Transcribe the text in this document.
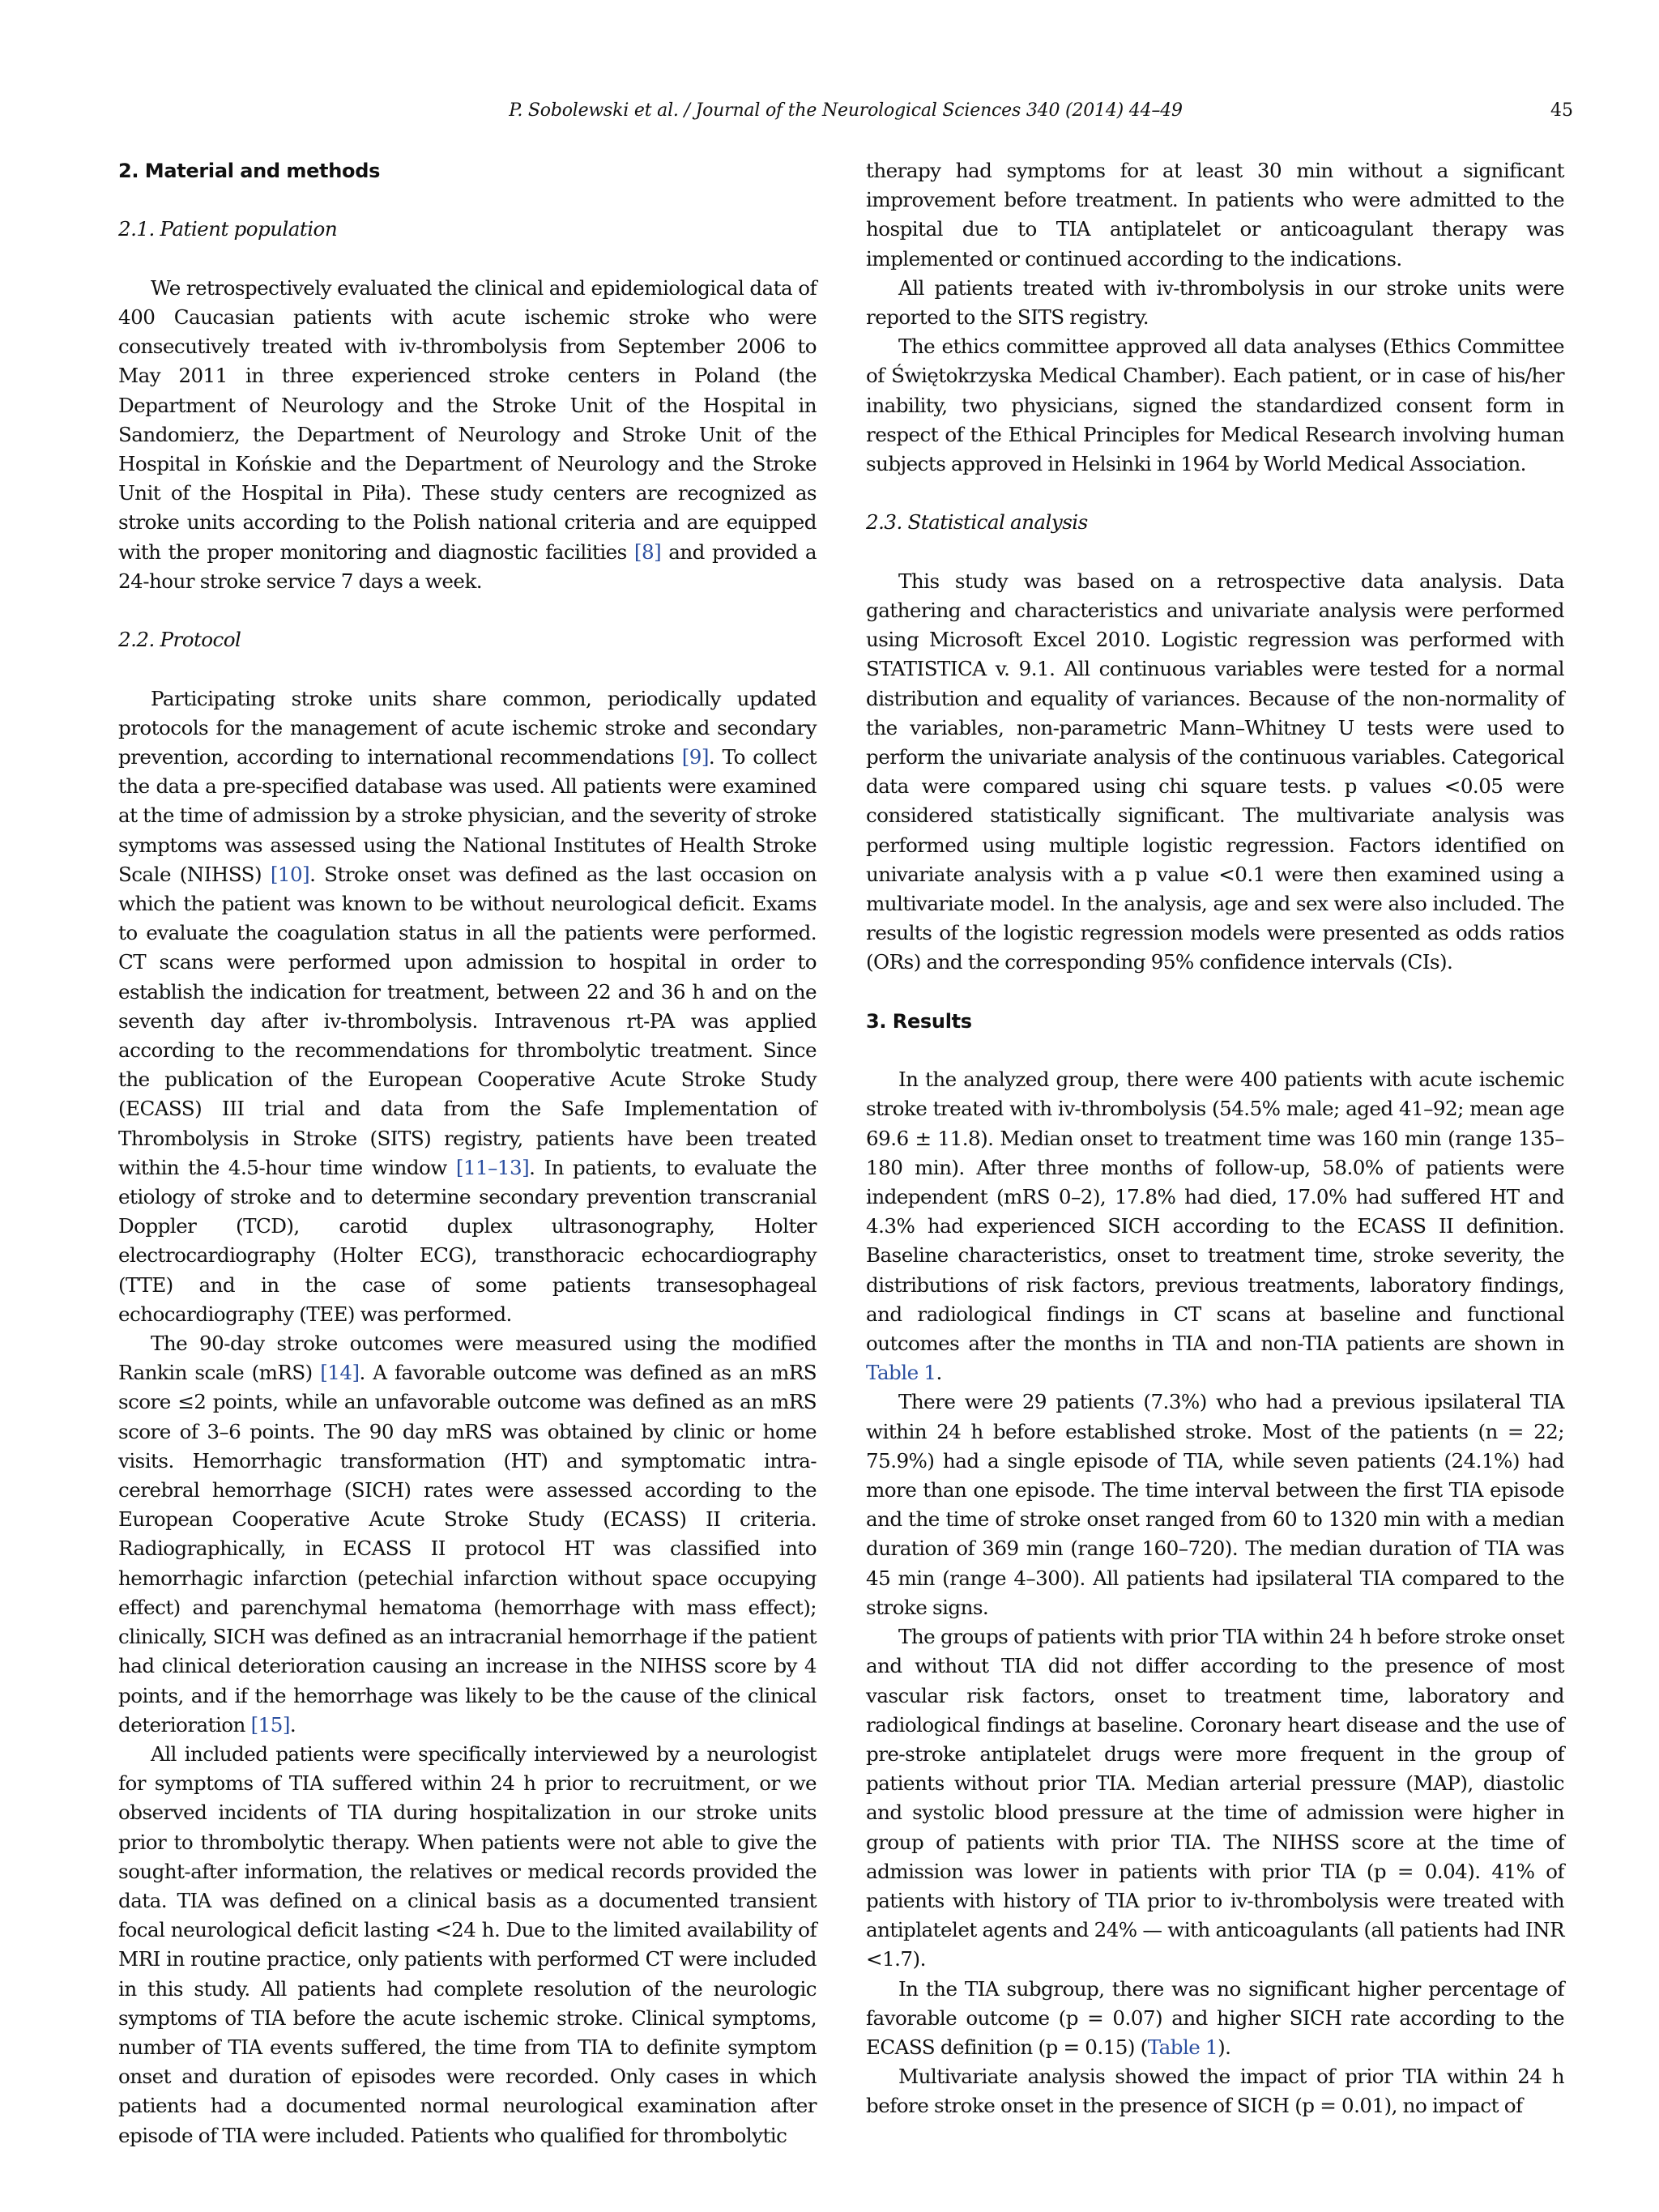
P. Sobolewski et al. / Journal of the Neurological Sciences 340 (2014) 44–49	45
2. Material and methods
2.1. Patient population

We retrospectively evaluated the clinical and epidemiological data of 400 Caucasian patients with acute ischemic stroke who were consecutively treated with iv-thrombolysis from September 2006 to May 2011 in three experienced stroke centers in Poland (the Department of Neurology and the Stroke Unit of the Hospital in Sandomierz, the Department of Neurology and Stroke Unit of the Hospital in Końskie and the Department of Neurology and the Stroke Unit of the Hospital in Piła). These study centers are recognized as stroke units according to the Polish national criteria and are equipped with the proper monitoring and diagnostic facilities [8] and provided a 24-hour stroke service 7 days a week.

2.2. Protocol

Participating stroke units share common, periodically updated protocols for the management of acute ischemic stroke and secondary prevention, according to international recommendations [9]. To collect the data a pre-specified database was used. All patients were examined at the time of admission by a stroke physician, and the severity of stroke symptoms was assessed using the National Institutes of Health Stroke Scale (NIHSS) [10]. Stroke onset was defined as the last occasion on which the patient was known to be without neurological deficit. Exams to evaluate the coagulation status in all the patients were performed. CT scans were performed upon admission to hospital in order to establish the indication for treatment, between 22 and 36 h and on the seventh day after iv-thrombolysis. Intravenous rt-PA was applied according to the recommendations for thrombolytic treatment. Since the publication of the European Cooperative Acute Stroke Study (ECASS) III trial and data from the Safe Implementation of Thrombolysis in Stroke (SITS) registry, patients have been treated within the 4.5-hour time window [11–13]. In patients, to evaluate the etiology of stroke and to determine secondary prevention transcranial Doppler (TCD), carotid duplex ultrasonography, Holter electrocardiography (Holter ECG), transthoracic echocardiography (TTE) and in the case of some patients transesophageal echocardiography (TEE) was performed.

The 90-day stroke outcomes were measured using the modified Rankin scale (mRS) [14]. A favorable outcome was defined as an mRS score ≤2 points, while an unfavorable outcome was defined as an mRS score of 3–6 points. The 90 day mRS was obtained by clinic or home visits. Hemorrhagic transformation (HT) and symptomatic intra-cerebral hemorrhage (SICH) rates were assessed according to the European Cooperative Acute Stroke Study (ECASS) II criteria. Radiographically, in ECASS II protocol HT was classified into hemorrhagic infarction (petechial infarction without space occupying effect) and parenchymal hematoma (hemorrhage with mass effect); clinically, SICH was defined as an intracranial hemorrhage if the patient had clinical deterioration causing an increase in the NIHSS score by 4 points, and if the hemorrhage was likely to be the cause of the clinical deterioration [15].

All included patients were specifically interviewed by a neurologist for symptoms of TIA suffered within 24 h prior to recruitment, or we observed incidents of TIA during hospitalization in our stroke units prior to thrombolytic therapy. When patients were not able to give the sought-after information, the relatives or medical records provided the data. TIA was defined on a clinical basis as a documented transient focal neurological deficit lasting <24 h. Due to the limited availability of MRI in routine practice, only patients with performed CT were included in this study. All patients had complete resolution of the neurologic symptoms of TIA before the acute ischemic stroke. Clinical symptoms, number of TIA events suffered, the time from TIA to definite symptom onset and duration of episodes were recorded. Only cases in which patients had a documented normal neurological examination after episode of TIA were included. Patients who qualified for thrombolytic

therapy had symptoms for at least 30 min without a significant improvement before treatment. In patients who were admitted to the hospital due to TIA antiplatelet or anticoagulant therapy was implemented or continued according to the indications.

All patients treated with iv-thrombolysis in our stroke units were reported to the SITS registry.

The ethics committee approved all data analyses (Ethics Committee of Świętokrzyska Medical Chamber). Each patient, or in case of his/her inability, two physicians, signed the standardized consent form in respect of the Ethical Principles for Medical Research involving human subjects approved in Helsinki in 1964 by World Medical Association.

2.3. Statistical analysis

This study was based on a retrospective data analysis. Data gathering and characteristics and univariate analysis were performed using Microsoft Excel 2010. Logistic regression was performed with STATISTICA v. 9.1. All continuous variables were tested for a normal distribution and equality of variances. Because of the non-normality of the variables, non-parametric Mann–Whitney U tests were used to perform the univariate analysis of the continuous variables. Categorical data were compared using chi square tests. p values <0.05 were considered statistically significant. The multivariate analysis was performed using multiple logistic regression. Factors identified on univariate analysis with a p value <0.1 were then examined using a multivariate model. In the analysis, age and sex were also included. The results of the logistic regression models were presented as odds ratios (ORs) and the corresponding 95% confidence intervals (CIs).

3. Results

In the analyzed group, there were 400 patients with acute ischemic stroke treated with iv-thrombolysis (54.5% male; aged 41–92; mean age 69.6 ± 11.8). Median onset to treatment time was 160 min (range 135–180 min). After three months of follow-up, 58.0% of patients were independent (mRS 0–2), 17.8% had died, 17.0% had suffered HT and 4.3% had experienced SICH according to the ECASS II definition. Baseline characteristics, onset to treatment time, stroke severity, the distributions of risk factors, previous treatments, laboratory findings, and radiological findings in CT scans at baseline and functional outcomes after the months in TIA and non-TIA patients are shown in Table 1.

There were 29 patients (7.3%) who had a previous ipsilateral TIA within 24 h before established stroke. Most of the patients (n = 22; 75.9%) had a single episode of TIA, while seven patients (24.1%) had more than one episode. The time interval between the first TIA episode and the time of stroke onset ranged from 60 to 1320 min with a median duration of 369 min (range 160–720). The median duration of TIA was 45 min (range 4–300). All patients had ipsilateral TIA compared to the stroke signs.

The groups of patients with prior TIA within 24 h before stroke onset and without TIA did not differ according to the presence of most vascular risk factors, onset to treatment time, laboratory and radiological findings at baseline. Coronary heart disease and the use of pre-stroke antiplatelet drugs were more frequent in the group of patients without prior TIA. Median arterial pressure (MAP), diastolic and systolic blood pressure at the time of admission were higher in group of patients with prior TIA. The NIHSS score at the time of admission was lower in patients with prior TIA (p = 0.04). 41% of patients with history of TIA prior to iv-thrombolysis were treated with antiplatelet agents and 24% — with anticoagulants (all patients had INR <1.7).

In the TIA subgroup, there was no significant higher percentage of favorable outcome (p = 0.07) and higher SICH rate according to the ECASS definition (p = 0.15) (Table 1).

Multivariate analysis showed the impact of prior TIA within 24 h before stroke onset in the presence of SICH (p = 0.01), no impact of
